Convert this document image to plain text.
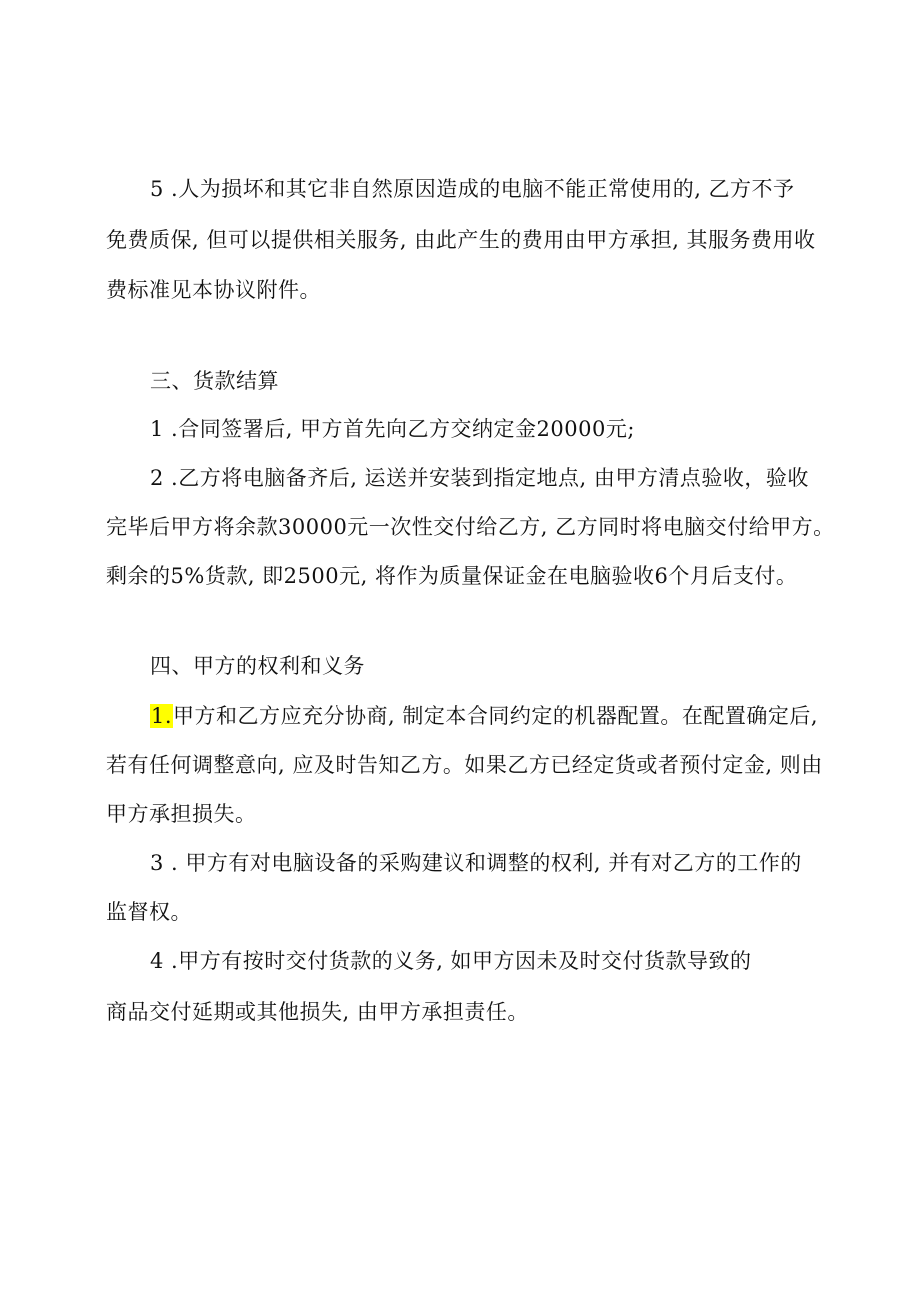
5 .人为损坏和其它非自然原因造成的电脑不能正常使用的, 乙方不予
免费质保, 但可以提供相关服务, 由此产生的费用由甲方承担, 其服务费用收
费标准见本协议附件。
三、货款结算
1 .合同签署后, 甲方首先向乙方交纳定金20000元;
2 .乙方将电脑备齐后, 运送并安装到指定地点, 由甲方清点验收，验收
完毕后甲方将余款30000元一次性交付给乙方, 乙方同时将电脑交付给甲方。
剩余的5%货款, 即2500元, 将作为质量保证金在电脑验收6个月后支付。
四、甲方的权利和义务
1.甲方和乙方应充分协商, 制定本合同约定的机器配置。在配置确定后,
若有任何调整意向, 应及时告知乙方。如果乙方已经定货或者预付定金, 则由
甲方承担损失。
3 . 甲方有对电脑设备的采购建议和调整的权利, 并有对乙方的工作的
监督权。
4 .甲方有按时交付货款的义务, 如甲方因未及时交付货款导致的
商品交付延期或其他损失, 由甲方承担责任。
